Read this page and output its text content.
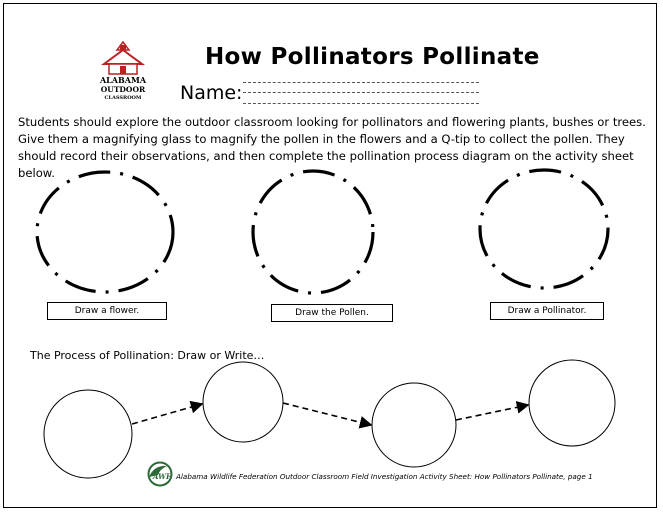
ALABAMA
OUTDOOR
CLASSROOM
How Pollinators Pollinate
Name:
Students should explore the outdoor classroom looking for pollinators and flowering plants, bushes or trees. Give them a magnifying glass to magnify the pollen in the flowers and a Q-tip to collect the pollen. They should record their observations, and then complete the pollination process diagram on the activity sheet below.
Draw a flower.	Draw the Pollen.	Draw a Pollinator.
The Process of Pollination: Draw or Write…
AWF Alabama Wildlife Federation Outdoor Classroom Field Investigation Activity Sheet: How Pollinators Pollinate, page 1
